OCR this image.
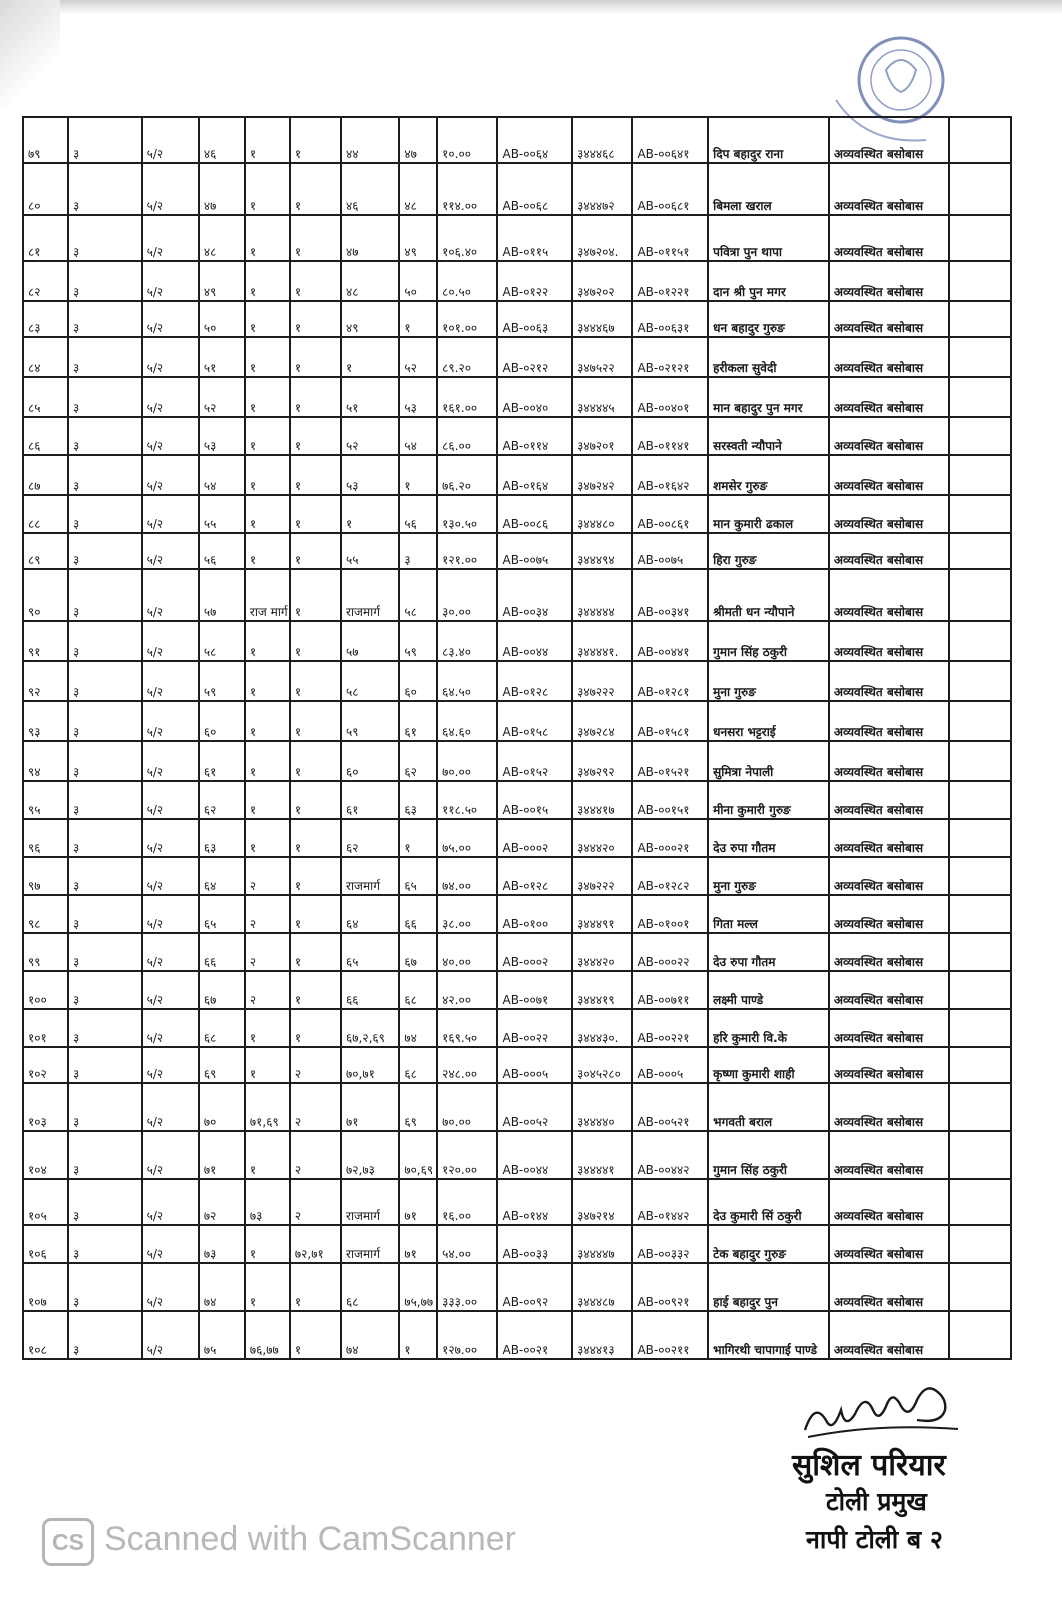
७९	३	५/२	४६	१	१	४४	४७	१०.००	AB-००६४	३४४४६८	AB-००६४१	दिप बहादुर राना	अव्यवस्थित बसोबास	
८०	३	५/२	४७	१	१	४६	४८	११४.००	AB-००६८	३४४४७२	AB-००६८१	बिमला खराल	अव्यवस्थित बसोबास	
८१	३	५/२	४८	१	१	४७	४९	१०६.४०	AB-०११५	३४७२०४.	AB-०११५१	पवित्रा पुन थापा	अव्यवस्थित बसोबास	
८२	३	५/२	४९	१	१	४८	५०	८०.५०	AB-०१२२	३४७२०२	AB-०१२२१	दान श्री पुन मगर	अव्यवस्थित बसोबास	
८३	३	५/२	५०	१	१	४९	१	१०१.००	AB-००६३	३४४४६७	AB-००६३१	धन बहादुर गुरुङ	अव्यवस्थित बसोबास	
८४	३	५/२	५१	१	१	१	५२	८९.२०	AB-०२१२	३४७५२२	AB-०२१२१	हरीकला सुवेदी	अव्यवस्थित बसोबास	
८५	३	५/२	५२	१	१	५१	५३	१६१.००	AB-००४०	३४४४४५	AB-००४०१	मान बहादुर पुन मगर	अव्यवस्थित बसोबास	
८६	३	५/२	५३	१	१	५२	५४	८६.००	AB-०११४	३४७२०१	AB-०११४१	सरस्वती न्यौपाने	अव्यवस्थित बसोबास	
८७	३	५/२	५४	१	१	५३	१	७६.२०	AB-०१६४	३४७२४२	AB-०१६४२	शमसेर गुरुङ	अव्यवस्थित बसोबास	
८८	३	५/२	५५	१	१	१	५६	१३०.५०	AB-००८६	३४४४८०	AB-००८६१	मान कुमारी ढकाल	अव्यवस्थित बसोबास	
८९	३	५/२	५६	१	१	५५	३	१२१.००	AB-००७५	३४४४९४	AB-००७५	हिरा गुरुङ	अव्यवस्थित बसोबास	
९०	३	५/२	५७	राज मार्ग	१	राजमार्ग	५८	३०.००	AB-००३४	३४४४४४	AB-००३४१	श्रीमती धन न्यौपाने	अव्यवस्थित बसोबास	
९१	३	५/२	५८	१	१	५७	५९	८३.४०	AB-००४४	३४४४४१.	AB-००४४१	गुमान सिंह ठकुरी	अव्यवस्थित बसोबास	
९२	३	५/२	५९	१	१	५८	६०	६४.५०	AB-०१२८	३४७२२२	AB-०१२८१	मुना गुरुङ	अव्यवस्थित बसोबास	
९३	३	५/२	६०	१	१	५९	६१	६४.६०	AB-०१५८	३४७२८४	AB-०१५८१	धनसरा भट्टराई	अव्यवस्थित बसोबास	
९४	३	५/२	६१	१	१	६०	६२	७०.००	AB-०१५२	३४७२९२	AB-०१५२१	सुमित्रा नेपाली	अव्यवस्थित बसोबास	
९५	३	५/२	६२	१	१	६१	६३	११८.५०	AB-००१५	३४४४१७	AB-००१५१	मीना कुमारी गुरुङ	अव्यवस्थित बसोबास	
९६	३	५/२	६३	१	१	६२	१	७५.००	AB-०००२	३४४४२०	AB-०००२१	देउ रुपा गौतम	अव्यवस्थित बसोबास	
९७	३	५/२	६४	२	१	राजमार्ग	६५	७४.००	AB-०१२८	३४७२२२	AB-०१२८२	मुना गुरुङ	अव्यवस्थित बसोबास	
९८	३	५/२	६५	२	१	६४	६६	३८.००	AB-०१००	३४४४९१	AB-०१००१	गिता मल्ल	अव्यवस्थित बसोबास	
९९	३	५/२	६६	२	१	६५	६७	४०.००	AB-०००२	३४४४२०	AB-०००२२	देउ रुपा गौतम	अव्यवस्थित बसोबास	
१००	३	५/२	६७	२	१	६६	६८	४२.००	AB-००७१	३४४४१९	AB-००७११	लक्ष्मी पाण्डे	अव्यवस्थित बसोबास	
१०१	३	५/२	६८	१	१	६७,२,६९	७४	१६९.५०	AB-००२२	३४४४३०.	AB-००२२१	हरि कुमारी वि.के	अव्यवस्थित बसोबास	
१०२	३	५/२	६९	१	२	७०,७१	६८	२४८.००	AB-०००५	३०४५२८०	AB-०००५	कृष्णा कुमारी शाही	अव्यवस्थित बसोबास	
१०३	३	५/२	७०	७१,६९	२	७१	६९	७०.००	AB-००५२	३४४४४०	AB-००५२१	भगवती बराल	अव्यवस्थित बसोबास	
१०४	३	५/२	७१	१	२	७२,७३	७०,६९	१२०.००	AB-००४४	३४४४४१	AB-००४४२	गुमान सिंह ठकुरी	अव्यवस्थित बसोबास	
१०५	३	५/२	७२	७३	२	राजमार्ग	७१	१६.००	AB-०१४४	३४७२१४	AB-०१४४२	देउ कुमारी सिं ठकुरी	अव्यवस्थित बसोबास	
१०६	३	५/२	७३	१	७२,७१	राजमार्ग	७१	५४.००	AB-००३३	३४४४४७	AB-००३३२	टेक बहादुर गुरुङ	अव्यवस्थित बसोबास	
१०७	३	५/२	७४	१	१	६८	७५,७७	३३३.००	AB-००९२	३४४४८७	AB-००९२१	हाई बहादुर पुन	अव्यवस्थित बसोबास	
१०८	३	५/२	७५	७६,७७	१	७४	१	१२७.००	AB-००२१	३४४४१३	AB-००२११	भागिरथी चापागाई पाण्डे	अव्यवस्थित बसोबास	
सुशिल परियार
टोली प्रमुख
नापी टोली ब २
CS Scanned with CamScanner
